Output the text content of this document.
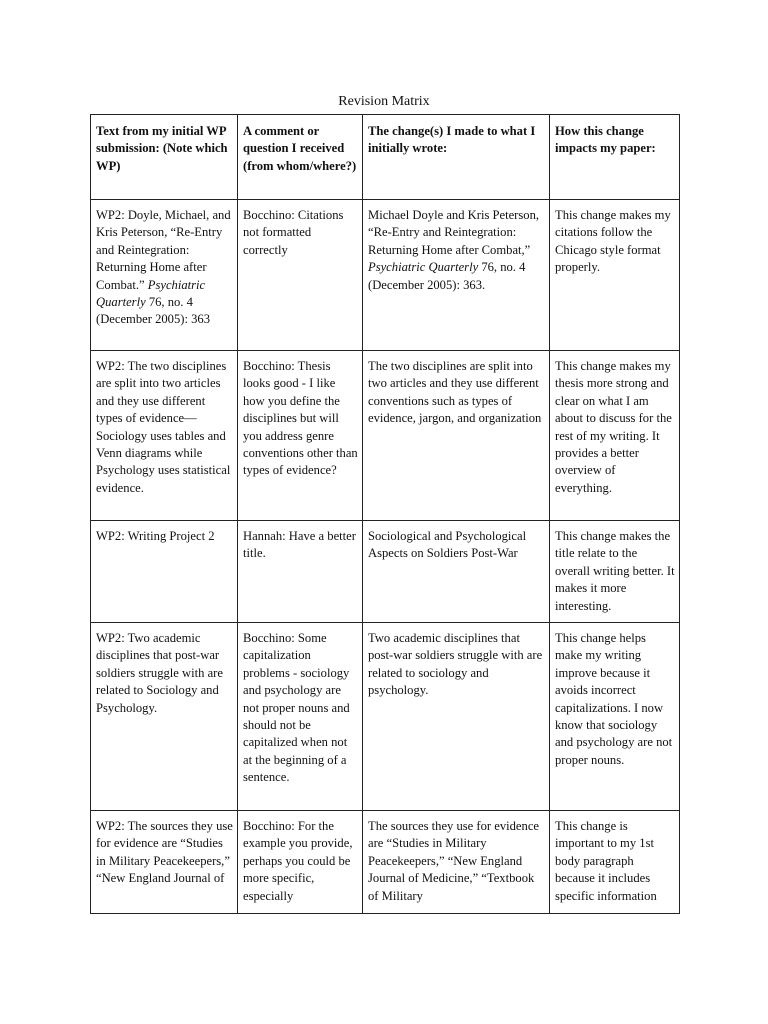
Revision Matrix
Text from my initial WP submission: (Note which WP)	A comment or question I received (from whom/where?)	The change(s) I made to what I initially wrote:	How this change impacts my paper:
WP2: Doyle, Michael, and Kris Peterson, “Re-Entry and Reintegration: Returning Home after Combat.” Psychiatric Quarterly 76, no. 4 (December 2005): 363	Bocchino: Citations not formatted correctly	Michael Doyle and Kris Peterson, “Re-Entry and Reintegration: Returning Home after Combat,” Psychiatric Quarterly 76, no. 4 (December 2005): 363.	This change makes my citations follow the Chicago style format properly.
WP2: The two disciplines are split into two articles and they use different types of evidence—Sociology uses tables and Venn diagrams while Psychology uses statistical evidence.	Bocchino: Thesis looks good - I like how you define the disciplines but will you address genre conventions other than types of evidence?	The two disciplines are split into two articles and they use different conventions such as types of evidence, jargon, and organization	This change makes my thesis more strong and clear on what I am about to discuss for the rest of my writing. It provides a better overview of everything.
WP2: Writing Project 2	Hannah: Have a better title.	Sociological and Psychological Aspects on Soldiers Post-War	This change makes the title relate to the overall writing better. It makes it more interesting.
WP2: Two academic disciplines that post-war soldiers struggle with are related to Sociology and Psychology.	Bocchino: Some capitalization problems - sociology and psychology are not proper nouns and should not be capitalized when not at the beginning of a sentence.	Two academic disciplines that post-war soldiers struggle with are related to sociology and psychology.	This change helps make my writing improve because it avoids incorrect capitalizations. I now know that sociology and psychology are not proper nouns.
WP2: The sources they use for evidence are “Studies in Military Peacekeepers,” “New England Journal of	Bocchino: For the example you provide, perhaps you could be more specific, especially	The sources they use for evidence are “Studies in Military Peacekeepers,” “New England Journal of Medicine,” “Textbook of Military	This change is important to my 1st body paragraph because it includes specific information
